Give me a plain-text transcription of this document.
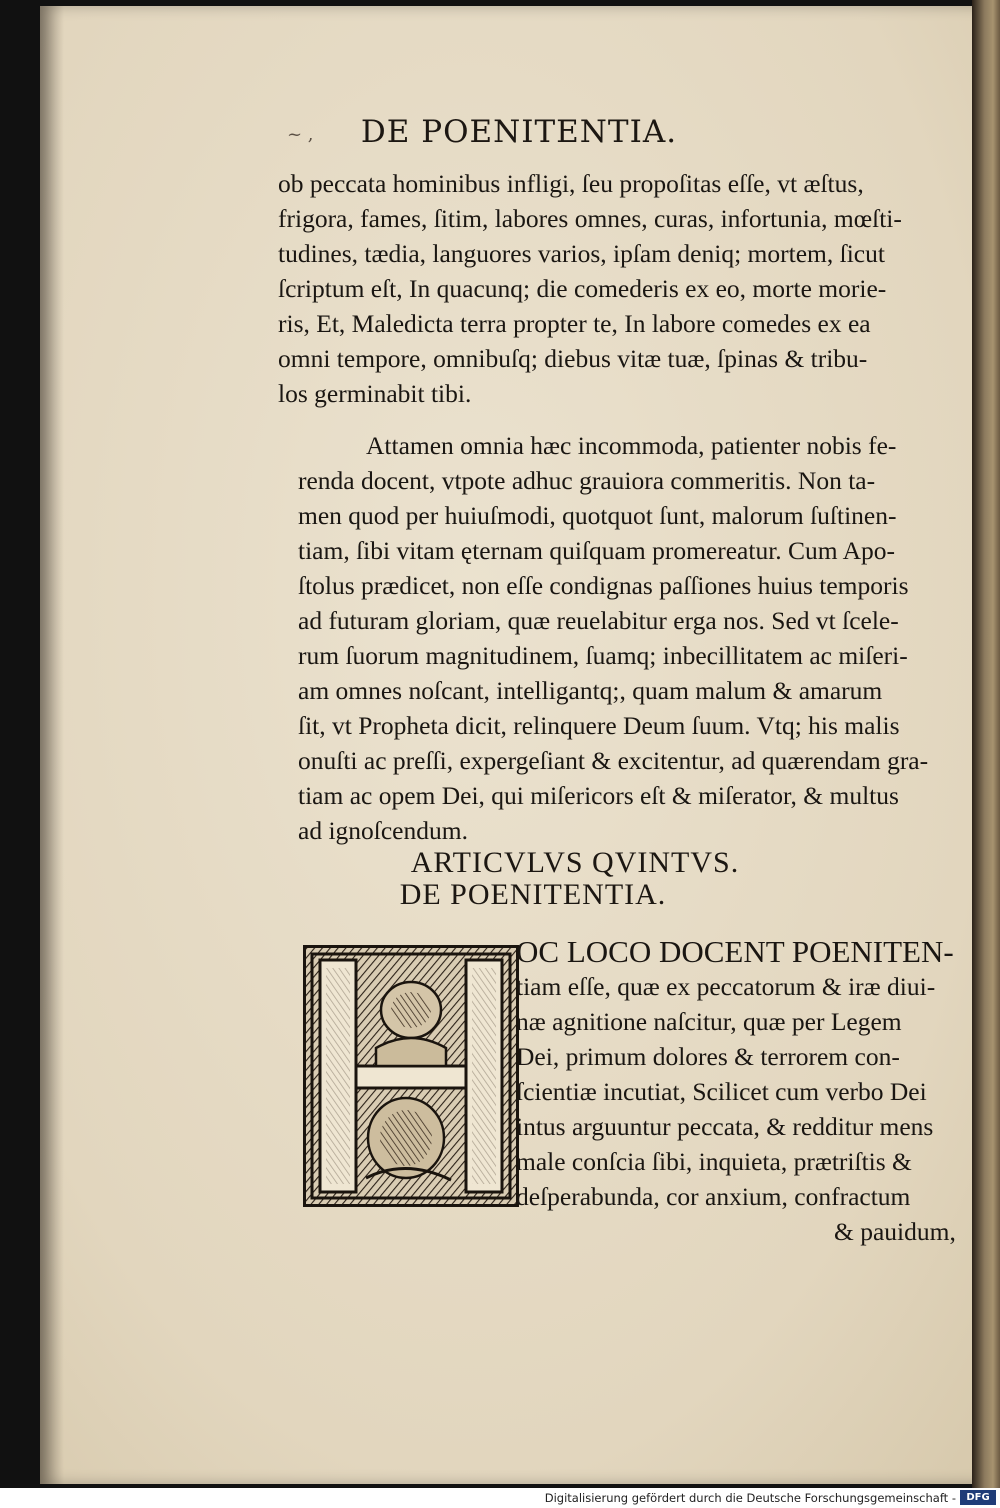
~ ,	DE POENITENTIA.
ob peccata hominibus infligi, ſeu propoſitas eſſe, vt æſtus,
frigora, fames, ſitim, labores omnes, curas, infortunia, mœſti-
tudines, tædia, languores varios, ipſam deniq; mortem, ſicut
ſcriptum eſt, In quacunq; die comederis ex eo, morte morie-
ris, Et, Maledicta terra propter te, In labore comedes ex ea
omni tempore, omnibuſq; diebus vitæ tuæ, ſpinas & tribu-
los germinabit tibi.
Attamen omnia hæc incommoda, patienter nobis fe-
renda docent, vtpote adhuc grauiora commeritis. Non ta-
men quod per huiuſmodi, quotquot ſunt, malorum ſuſtinen-
tiam, ſibi vitam ęternam quiſquam promereatur. Cum Apo-
ſtolus prædicet, non eſſe condignas paſſiones huius temporis
ad futuram gloriam, quæ reuelabitur erga nos. Sed vt ſcele-
rum ſuorum magnitudinem, ſuamq; inbecillitatem ac miſeri-
am omnes noſcant, intelligantq;, quam malum & amarum
ſit, vt Propheta dicit, relinquere Deum ſuum. Vtq; his malis
onuſti ac preſſi, expergeſiant & excitentur, ad quærendam gra-
tiam ac opem Dei, qui miſericors eſt & miſerator, & multus
ad ignoſcendum.
ARTICVLVS QVINTVS.
DE POENITENTIA.
OC LOCO DOCENT POENITEN-
tiam eſſe, quæ ex peccatorum & iræ diui-
næ agnitione naſcitur, quæ per Legem
Dei, primum dolores & terrorem con-
ſcientiæ incutiat, Scilicet cum verbo Dei
intus arguuntur peccata, & redditur mens
male conſcia ſibi, inquieta, prætriſtis &
deſperabunda, cor anxium, confractum
& pauidum,
Digitalisierung gefördert durch die Deutsche Forschungsgemeinschaft -	DFG
